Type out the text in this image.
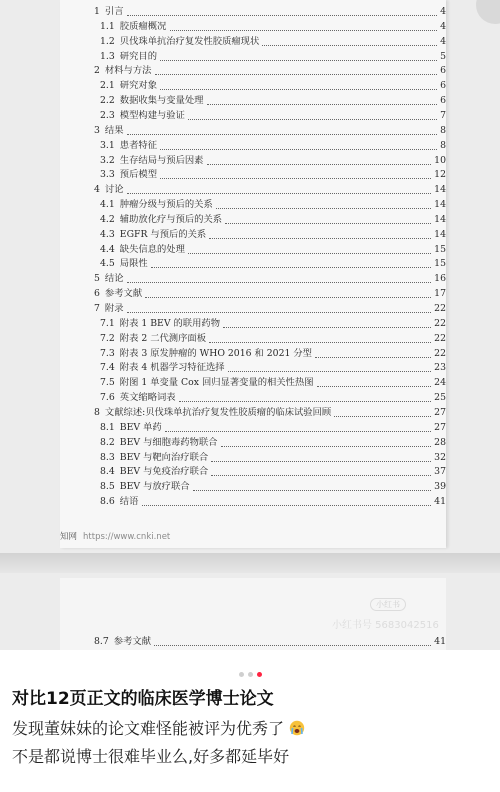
1 引言	4
1.1 胶质瘤概况	4
1.2 贝伐珠单抗治疗复发性胶质瘤现状	4
1.3 研究目的	5
2 材料与方法	6
2.1 研究对象	6
2.2 数据收集与变量处理	6
2.3 模型构建与验证	7
3 结果	8
3.1 患者特征	8
3.2 生存结局与预后因素	10
3.3 预后模型	12
4 讨论	14
4.1 肿瘤分级与预后的关系	14
4.2 辅助放化疗与预后的关系	14
4.3 EGFR 与预后的关系	14
4.4 缺失信息的处理	15
4.5 局限性	15
5 结论	16
6 参考文献	17
7 附录	22
7.1 附表 1 BEV 的联用药物	22
7.2 附表 2 二代测序面板	22
7.3 附表 3 原发肿瘤的 WHO 2016 和 2021 分型	22
7.4 附表 4 机器学习特征选择	23
7.5 附图 1 单变量 Cox 回归显著变量的相关性热图	24
7.6 英文缩略词表	25
8 文献综述:贝伐珠单抗治疗复发性胶质瘤的临床试验回顾	27
8.1 BEV 单药	27
8.2 BEV 与细胞毒药物联合	28
8.3 BEV 与靶向治疗联合	32
8.4 BEV 与免疫治疗联合	37
8.5 BEV 与放疗联合	39
8.6 结语	41
知网 https://www.cnki.net
小红书
小红书号 5683042516
8.7 参考文献	41
对比12页正文的临床医学博士论文
发现董妹妹的论文难怪能被评为优秀了
不是都说博士很难毕业么,好多都延毕好
